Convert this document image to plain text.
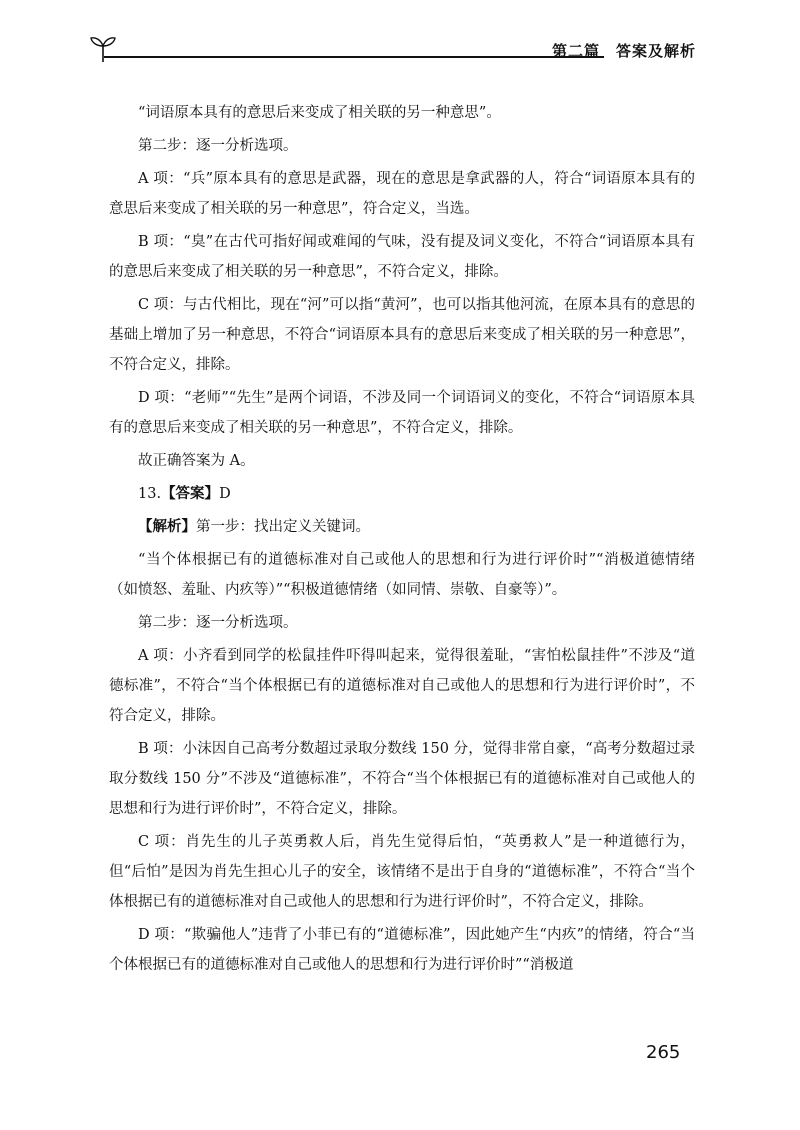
第二篇　答案及解析

“词语原本具有的意思后来变成了相关联的另一种意思”。

第二步：逐一分析选项。

A 项：“兵”原本具有的意思是武器，现在的意思是拿武器的人，符合“词语原本具有的意思后来变成了相关联的另一种意思”，符合定义，当选。

B 项：“臭”在古代可指好闻或难闻的气味，没有提及词义变化，不符合“词语原本具有的意思后来变成了相关联的另一种意思”，不符合定义，排除。

C 项：与古代相比，现在“河”可以指“黄河”，也可以指其他河流，在原本具有的意思的基础上增加了另一种意思，不符合“词语原本具有的意思后来变成了相关联的另一种意思”，不符合定义，排除。

D 项：“老师”“先生”是两个词语，不涉及同一个词语词义的变化，不符合“词语原本具有的意思后来变成了相关联的另一种意思”，不符合定义，排除。

故正确答案为 A。

13.【答案】D

【解析】第一步：找出定义关键词。

“当个体根据已有的道德标准对自己或他人的思想和行为进行评价时”“消极道德情绪（如愤怒、羞耻、内疚等）”“积极道德情绪（如同情、崇敬、自豪等）”。

第二步：逐一分析选项。

A 项：小齐看到同学的松鼠挂件吓得叫起来，觉得很羞耻，“害怕松鼠挂件”不涉及“道德标准”，不符合“当个体根据已有的道德标准对自己或他人的思想和行为进行评价时”，不符合定义，排除。

B 项：小沫因自己高考分数超过录取分数线 150 分，觉得非常自豪，“高考分数超过录取分数线 150 分”不涉及“道德标准”，不符合“当个体根据已有的道德标准对自己或他人的思想和行为进行评价时”，不符合定义，排除。

C 项：肖先生的儿子英勇救人后，肖先生觉得后怕，“英勇救人”是一种道德行为，但“后怕”是因为肖先生担心儿子的安全，该情绪不是出于自身的“道德标准”，不符合“当个体根据已有的道德标准对自己或他人的思想和行为进行评价时”，不符合定义，排除。

D 项：“欺骗他人”违背了小菲已有的“道德标准”，因此她产生“内疚”的情绪，符合“当个体根据已有的道德标准对自己或他人的思想和行为进行评价时”“消极道

265
